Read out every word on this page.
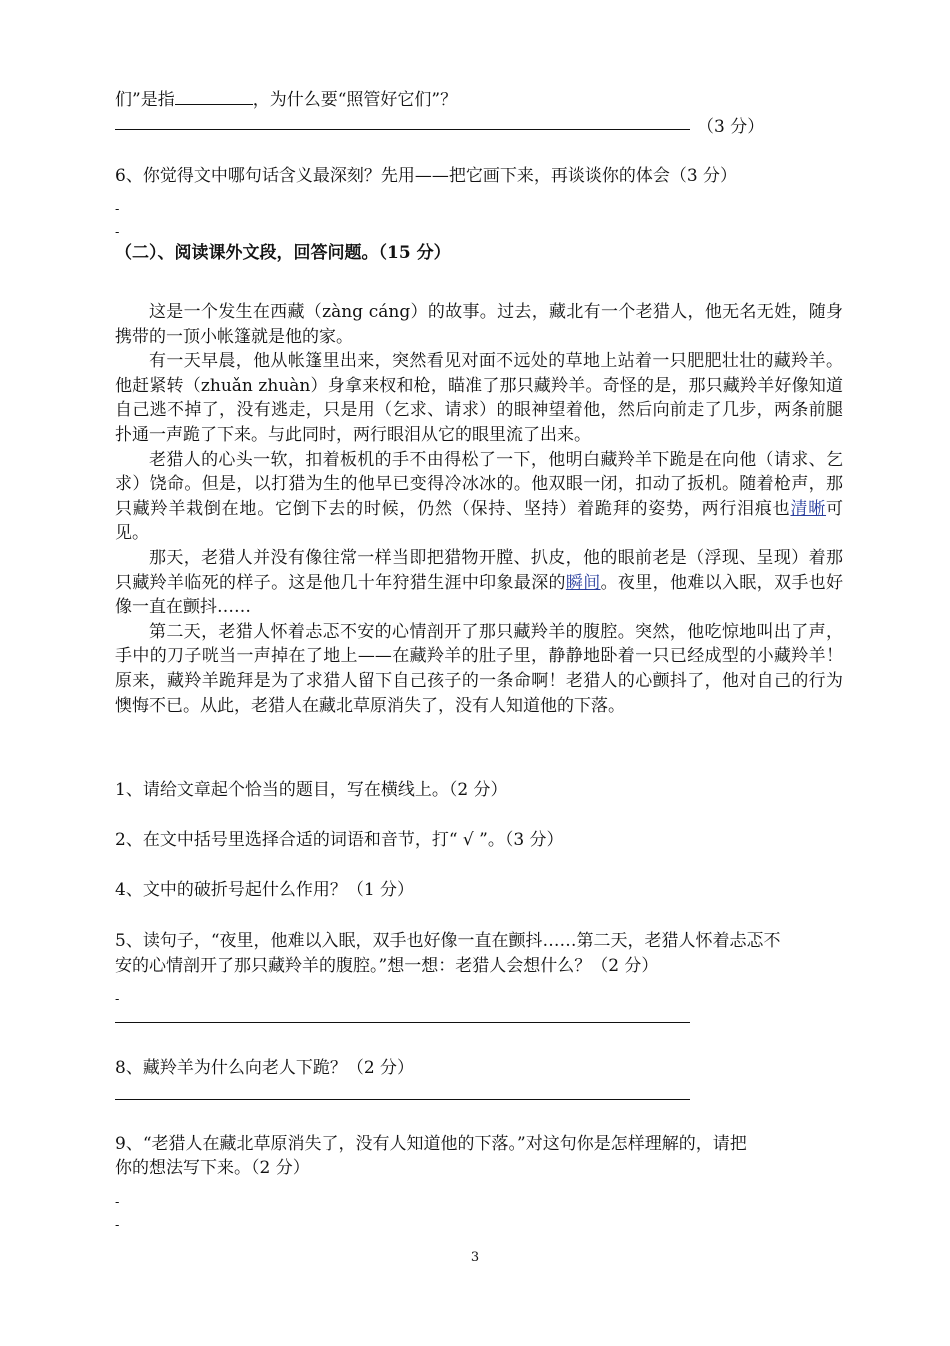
们”是指	，为什么要“照管好它们”？
（3 分）
6、你觉得文中哪句话含义最深刻？先用——把它画下来，再谈谈你的体会（3 分）
-
-
（二）、阅读课外文段，回答问题。（15 分）

这是一个发生在西藏（zàng cáng）的故事。过去，藏北有一个老猎人，他无名无姓，随身携带的一顶小帐篷就是他的家。

有一天早晨，他从帐篷里出来，突然看见对面不远处的草地上站着一只肥肥壮壮的藏羚羊。他赶紧转（zhuǎn zhuàn）身拿来杈和枪，瞄准了那只藏羚羊。奇怪的是，那只藏羚羊好像知道自己逃不掉了，没有逃走，只是用（乞求、请求）的眼神望着他，然后向前走了几步，两条前腿扑通一声跪了下来。与此同时，两行眼泪从它的眼里流了出来。

老猎人的心头一软，扣着板机的手不由得松了一下，他明白藏羚羊下跪是在向他（请求、乞求）饶命。但是，以打猎为生的他早已变得冷冰冰的。他双眼一闭，扣动了扳机。随着枪声，那只藏羚羊栽倒在地。它倒下去的时候，仍然（保持、坚持）着跪拜的姿势，两行泪痕也清晰可见。

那天，老猎人并没有像往常一样当即把猎物开膛、扒皮，他的眼前老是（浮现、呈现）着那只藏羚羊临死的样子。这是他几十年狩猎生涯中印象最深的瞬间。夜里，他难以入眠，双手也好像一直在颤抖……

第二天，老猎人怀着忐忑不安的心情剖开了那只藏羚羊的腹腔。突然，他吃惊地叫出了声，手中的刀子咣当一声掉在了地上——在藏羚羊的肚子里，静静地卧着一只已经成型的小藏羚羊！原来，藏羚羊跪拜是为了求猎人留下自己孩子的一条命啊！老猎人的心颤抖了，他对自己的行为懊悔不已。从此，老猎人在藏北草原消失了，没有人知道他的下落。

1、请给文章起个恰当的题目，写在横线上。（2 分）
2、在文中括号里选择合适的词语和音节，打“ √ ”。（3 分）
4、文中的破折号起什么作用？（1 分）
5、读句子，“夜里，他难以入眠，双手也好像一直在颤抖……第二天，老猎人怀着忐忑不
安的心情剖开了那只藏羚羊的腹腔。”想一想：老猎人会想什么？（2 分）
-
8、藏羚羊为什么向老人下跪？（2 分）
9、“老猎人在藏北草原消失了，没有人知道他的下落。”对这句你是怎样理解的，请把
你的想法写下来。（2 分）
-
-
3
